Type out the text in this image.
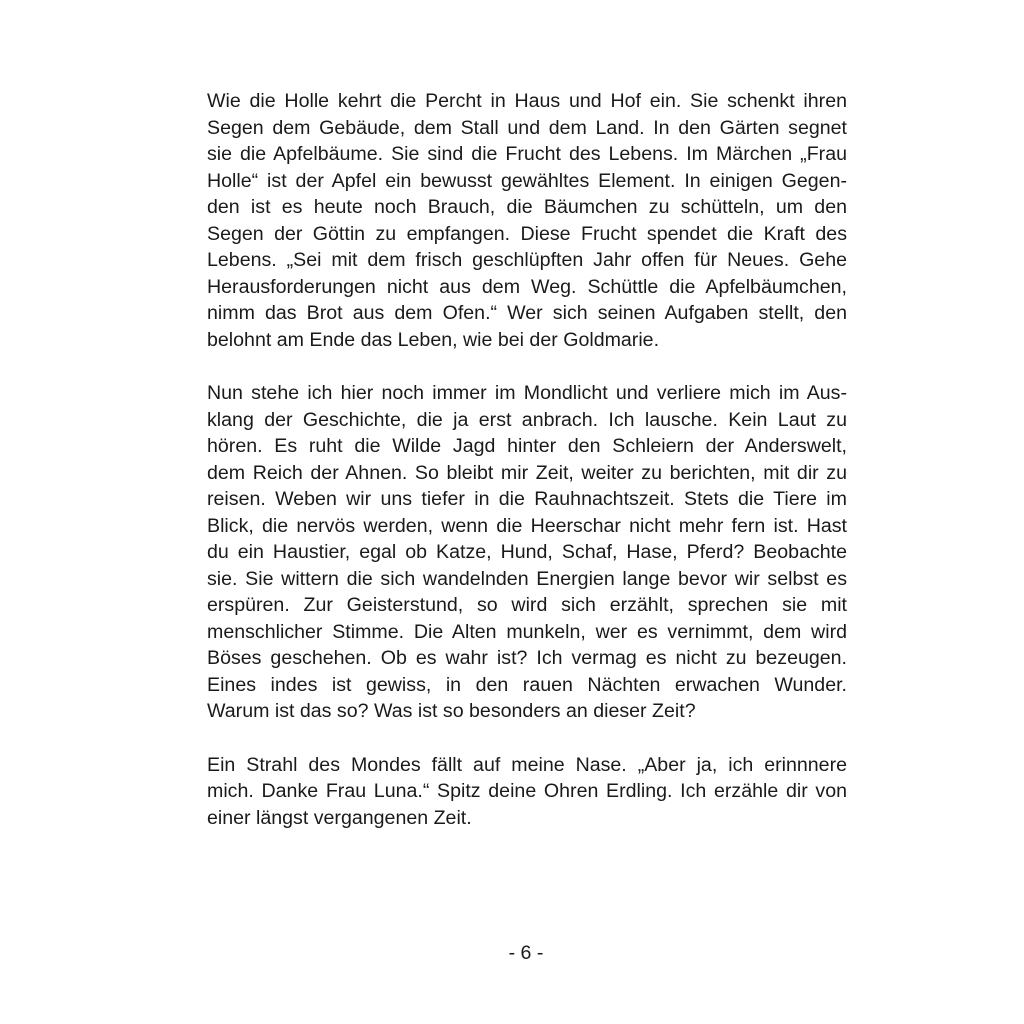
Wie die Holle kehrt die Percht in Haus und Hof ein. Sie schenkt ihren
Segen dem Gebäude, dem Stall und dem Land. In den Gärten segnet
sie die Apfelbäume. Sie sind die Frucht des Lebens. Im Märchen „Frau
Holle“ ist der Apfel ein bewusst gewähltes Element. In einigen Gegen-
den ist es heute noch Brauch, die Bäumchen zu schütteln, um den
Segen der Göttin zu empfangen. Diese Frucht spendet die Kraft des
Lebens. „Sei mit dem frisch geschlüpften Jahr offen für Neues. Gehe
Herausforderungen nicht aus dem Weg. Schüttle die Apfelbäumchen,
nimm das Brot aus dem Ofen.“ Wer sich seinen Aufgaben stellt, den
belohnt am Ende das Leben, wie bei der Goldmarie.
Nun stehe ich hier noch immer im Mondlicht und verliere mich im Aus-
klang der Geschichte, die ja erst anbrach. Ich lausche. Kein Laut zu
hören. Es ruht die Wilde Jagd hinter den Schleiern der Anderswelt,
dem Reich der Ahnen. So bleibt mir Zeit, weiter zu berichten, mit dir zu
reisen. Weben wir uns tiefer in die Rauhnachtszeit. Stets die Tiere im
Blick, die nervös werden, wenn die Heerschar nicht mehr fern ist. Hast
du ein Haustier, egal ob Katze, Hund, Schaf, Hase, Pferd? Beobachte
sie. Sie wittern die sich wandelnden Energien lange bevor wir selbst es
erspüren. Zur Geisterstund, so wird sich erzählt, sprechen sie mit
menschlicher Stimme. Die Alten munkeln, wer es vernimmt, dem wird
Böses geschehen. Ob es wahr ist? Ich vermag es nicht zu bezeugen.
Eines indes ist gewiss, in den rauen Nächten erwachen Wunder.
Warum ist das so? Was ist so besonders an dieser Zeit?
Ein Strahl des Mondes fällt auf meine Nase. „Aber ja, ich erinnnere
mich. Danke Frau Luna.“ Spitz deine Ohren Erdling. Ich erzähle dir von
einer längst vergangenen Zeit.
- 6 -
